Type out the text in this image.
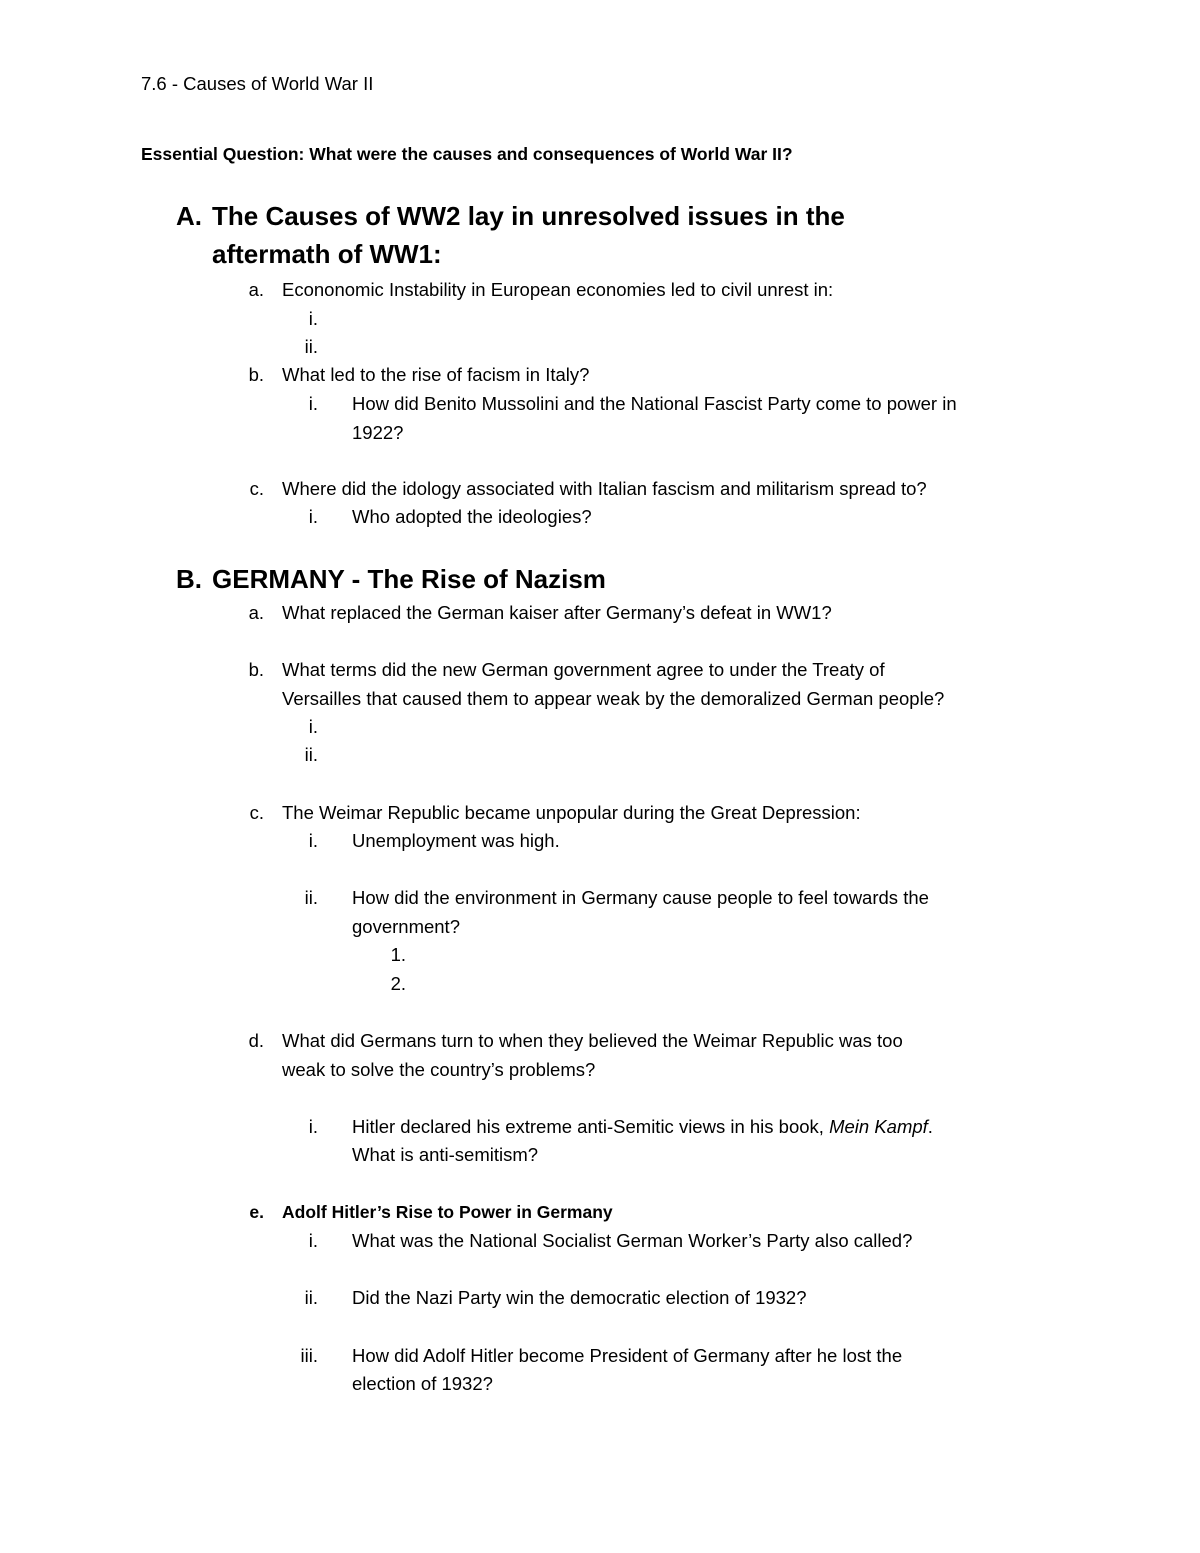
7.6 - Causes of World War II
Essential Question: What were the causes and consequences of World War II?
A. The Causes of WW2 lay in unresolved issues in the
aftermath of WW1:
a. Econonomic Instability in European economies led to civil unrest in:
i.
ii.
b. What led to the rise of facism in Italy?
i. How did Benito Mussolini and the National Fascist Party come to power in
1922?
c. Where did the idology associated with Italian fascism and militarism spread to?
i. Who adopted the ideologies?
B. GERMANY - The Rise of Nazism
a. What replaced the German kaiser after Germany’s defeat in WW1?
b. What terms did the new German government agree to under the Treaty of
Versailles that caused them to appear weak by the demoralized German people?
i.
ii.
c. The Weimar Republic became unpopular during the Great Depression:
i. Unemployment was high.
ii. How did the environment in Germany cause people to feel towards the
government?
1.
2.
d. What did Germans turn to when they believed the Weimar Republic was too
weak to solve the country’s problems?
i. Hitler declared his extreme anti-Semitic views in his book, Mein Kampf.
What is anti-semitism?
e. Adolf Hitler’s Rise to Power in Germany
i. What was the National Socialist German Worker’s Party also called?
ii. Did the Nazi Party win the democratic election of 1932?
iii. How did Adolf Hitler become President of Germany after he lost the
election of 1932?
